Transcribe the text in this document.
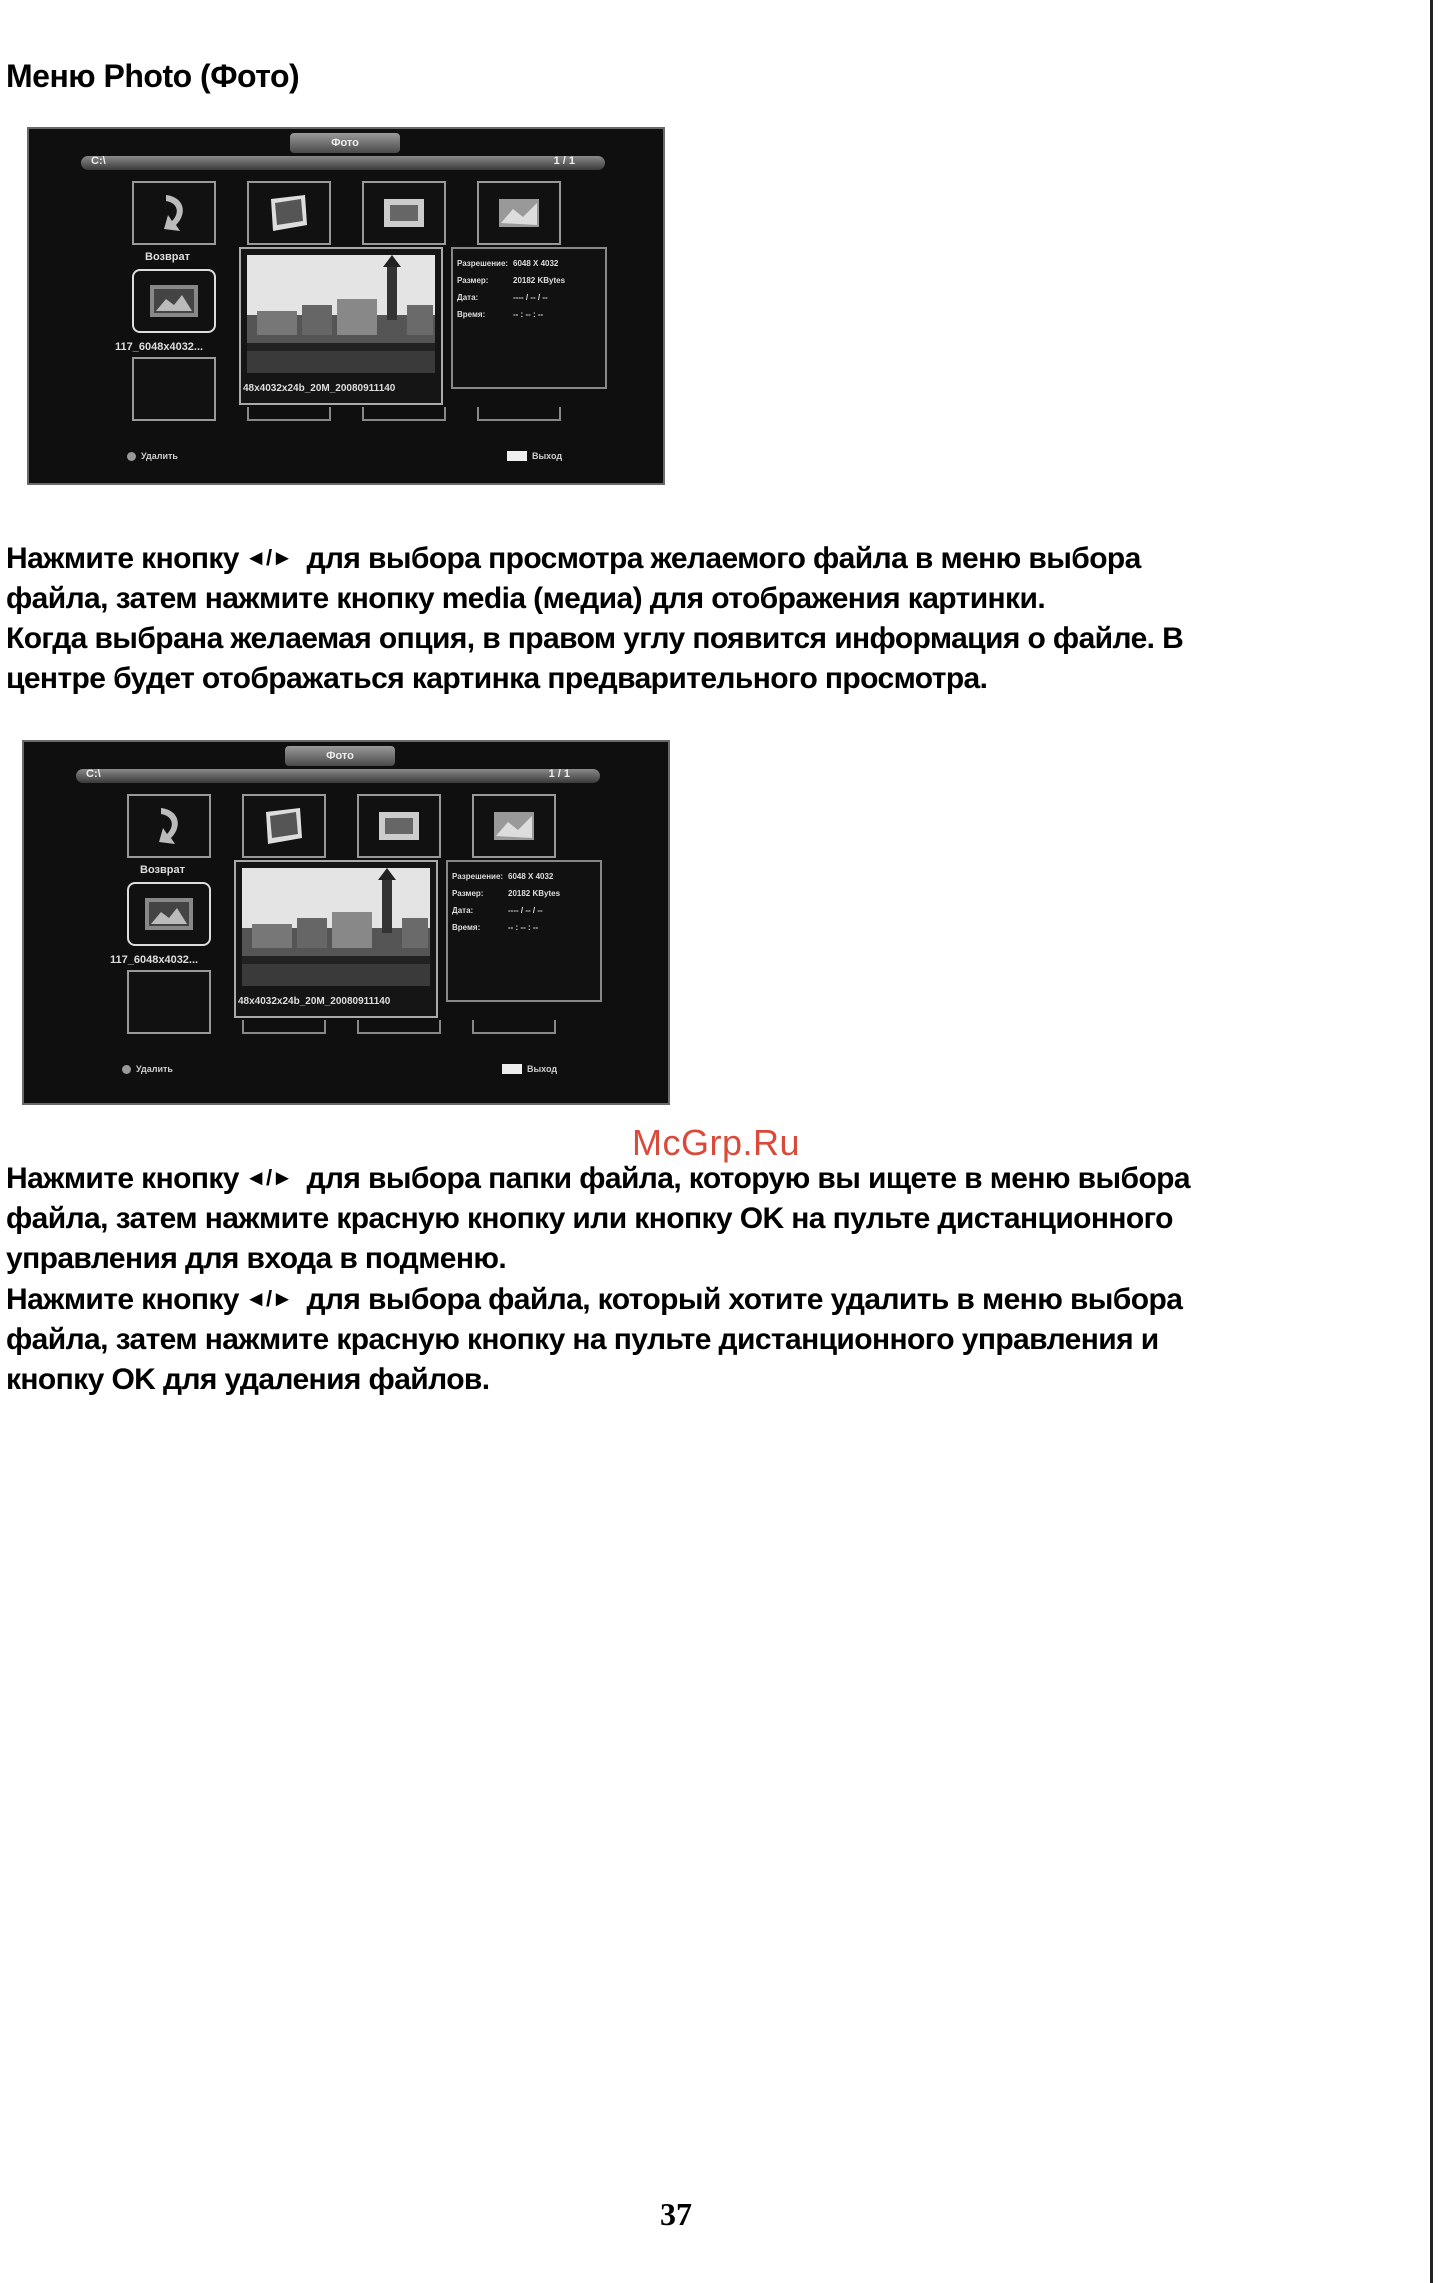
Меню Photo (Фото)
Фото
C:\	1 / 1
Возврат
117_6048x4032...
48x4032x24b_20M_20080911140
Разрешение: 6048 X 4032
Размер:	20182 KBytes
Дата:	---- / -- / --
Время:	-- : -- : --
Удалить	Выход
Нажмите кнопку ◄/► для выбора просмотра желаемого файла в меню выбора
файла, затем нажмите кнопку media (медиа) для отображения картинки.
Когда выбрана желаемая опция, в правом углу появится информация о файле. В
центре будет отображаться картинка предварительного просмотра.
Фото
C:\	1 / 1
Возврат
117_6048x4032...
48x4032x24b_20M_20080911140
Разрешение: 6048 X 4032
Размер:	20182 KBytes
Дата:	---- / -- / --
Время:	-- : -- : --
Удалить	Выход
McGrp.Ru
Нажмите кнопку ◄/► для выбора папки файла, которую вы ищете в меню выбора
файла, затем нажмите красную кнопку или кнопку OK на пульте дистанционного
управления для входа в подменю.
Нажмите кнопку ◄/► для выбора файла, который хотите удалить в меню выбора
файла, затем нажмите красную кнопку на пульте дистанционного управления и
кнопку OK для удаления файлов.
37
